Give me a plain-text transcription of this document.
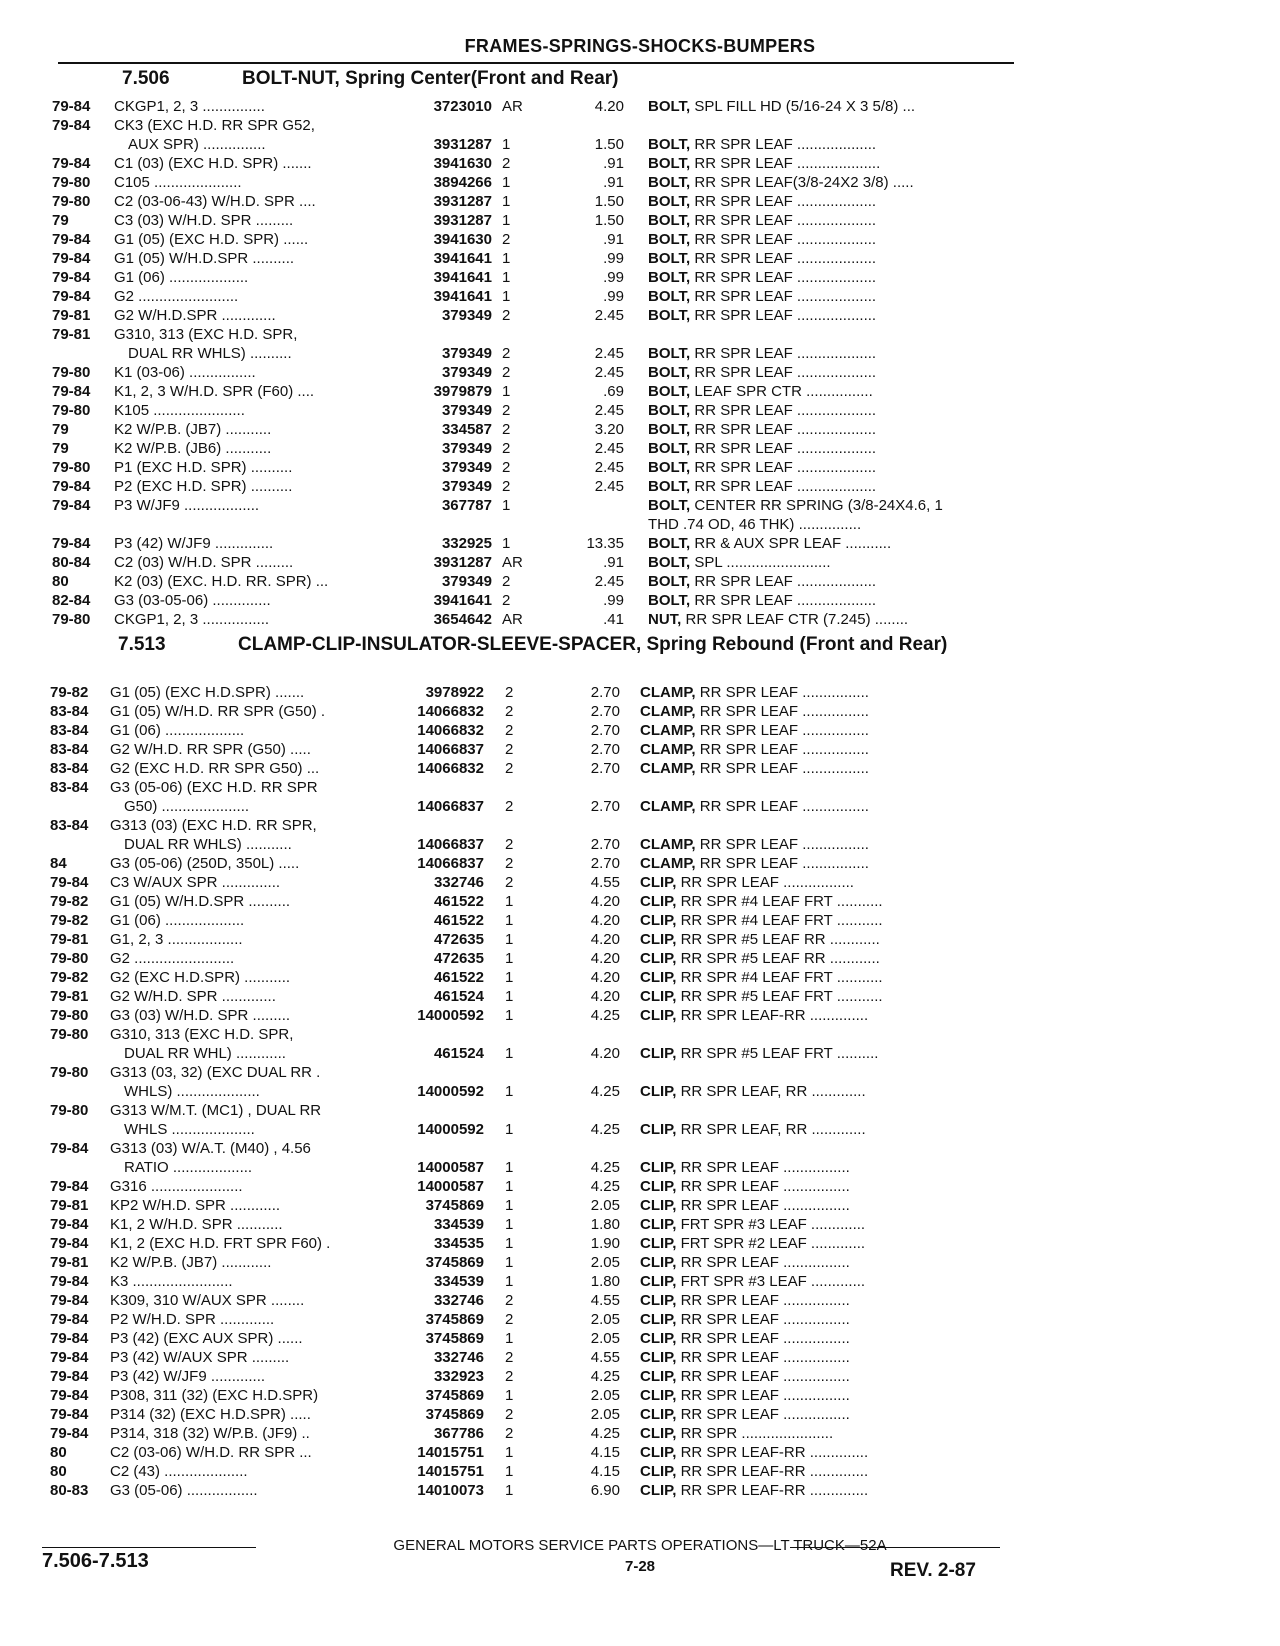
FRAMES-SPRINGS-SHOCKS-BUMPERS
7.506	BOLT-NUT, Spring Center(Front and Rear)
79-84	CKGP1, 2, 3 ...............	3723010 AR	4.20 BOLT, SPL FILL HD (5/16-24 X 3 5/8) ...
79-84	CK3 (EXC H.D. RR SPR G52,
AUX SPR) ...............	3931287 1	1.50 BOLT, RR SPR LEAF ...................
79-84	C1 (03) (EXC H.D. SPR) .......	3941630 2	.91 BOLT, RR SPR LEAF ....................
79-80	C105 .....................	3894266 1	.91 BOLT, RR SPR LEAF(3/8-24X2 3/8) .....
79-80	C2 (03-06-43) W/H.D. SPR ....	3931287 1	1.50 BOLT, RR SPR LEAF ...................
79	C3 (03) W/H.D. SPR .........	3931287 1	1.50 BOLT, RR SPR LEAF ...................
79-84	G1 (05) (EXC H.D. SPR) ......	3941630 2	.91 BOLT, RR SPR LEAF ...................
79-84	G1 (05) W/H.D.SPR ..........	3941641 1	.99 BOLT, RR SPR LEAF ...................
79-84	G1 (06) ...................	3941641 1	.99 BOLT, RR SPR LEAF ...................
79-84	G2 ........................	3941641 1	.99 BOLT, RR SPR LEAF ...................
79-81	G2 W/H.D.SPR .............	379349 2	2.45 BOLT, RR SPR LEAF ...................
79-81	G310, 313 (EXC H.D. SPR,
DUAL RR WHLS) ..........	379349 2	2.45 BOLT, RR SPR LEAF ...................
79-80	K1 (03-06) ................	379349 2	2.45 BOLT, RR SPR LEAF ...................
79-84	K1, 2, 3 W/H.D. SPR (F60) ....	3979879 1	.69 BOLT, LEAF SPR CTR ................
79-80	K105 ......................	379349 2	2.45 BOLT, RR SPR LEAF ...................
79	K2 W/P.B. (JB7) ...........	334587 2	3.20 BOLT, RR SPR LEAF ...................
79	K2 W/P.B. (JB6) ...........	379349 2	2.45 BOLT, RR SPR LEAF ...................
79-80	P1 (EXC H.D. SPR) ..........	379349 2	2.45 BOLT, RR SPR LEAF ...................
79-84	P2 (EXC H.D. SPR) ..........	379349 2	2.45 BOLT, RR SPR LEAF ...................
79-84	P3 W/JF9 ..................	367787 1	BOLT, CENTER RR SPRING (3/8-24X4.6, 1
THD .74 OD, 46 THK) ...............
79-84	P3 (42) W/JF9 ..............	332925 1	13.35 BOLT, RR & AUX SPR LEAF ...........
80-84	C2 (03) W/H.D. SPR .........	3931287 AR	.91 BOLT, SPL .........................
80	K2 (03) (EXC. H.D. RR. SPR) ...	379349 2	2.45 BOLT, RR SPR LEAF ...................
82-84	G3 (03-05-06) ..............	3941641 2	.99 BOLT, RR SPR LEAF ...................
79-80	CKGP1, 2, 3 ................	3654642 AR	.41 NUT, RR SPR LEAF CTR (7.245) ........
7.513	CLAMP-CLIP-INSULATOR-SLEEVE-SPACER, Spring Rebound (Front and Rear)
79-82	G1 (05) (EXC H.D.SPR) .......	3978922 2	2.70 CLAMP, RR SPR LEAF ................
83-84	G1 (05) W/H.D. RR SPR (G50) .	14066832 2	2.70 CLAMP, RR SPR LEAF ................
83-84	G1 (06) ...................	14066832 2	2.70 CLAMP, RR SPR LEAF ................
83-84	G2 W/H.D. RR SPR (G50) .....	14066837 2	2.70 CLAMP, RR SPR LEAF ................
83-84	G2 (EXC H.D. RR SPR G50) ...	14066832 2	2.70 CLAMP, RR SPR LEAF ................
83-84	G3 (05-06) (EXC H.D. RR SPR
G50) .....................	14066837 2	2.70 CLAMP, RR SPR LEAF ................
83-84	G313 (03) (EXC H.D. RR SPR,
DUAL RR WHLS) ...........	14066837 2	2.70 CLAMP, RR SPR LEAF ................
84	G3 (05-06) (250D, 350L) .....	14066837 2	2.70 CLAMP, RR SPR LEAF ................
79-84	C3 W/AUX SPR ..............	332746 2	4.55 CLIP, RR SPR LEAF .................
79-82	G1 (05) W/H.D.SPR ..........	461522 1	4.20 CLIP, RR SPR #4 LEAF FRT ...........
79-82	G1 (06) ...................	461522 1	4.20 CLIP, RR SPR #4 LEAF FRT ...........
79-81	G1, 2, 3 ..................	472635 1	4.20 CLIP, RR SPR #5 LEAF RR ............
79-80	G2 ........................	472635 1	4.20 CLIP, RR SPR #5 LEAF RR ............
79-82	G2 (EXC H.D.SPR) ...........	461522 1	4.20 CLIP, RR SPR #4 LEAF FRT ...........
79-81	G2 W/H.D. SPR .............	461524 1	4.20 CLIP, RR SPR #5 LEAF FRT ...........
79-80	G3 (03) W/H.D. SPR .........	14000592 1	4.25 CLIP, RR SPR LEAF-RR ..............
79-80	G310, 313 (EXC H.D. SPR,
DUAL RR WHL) ............	461524 1	4.20 CLIP, RR SPR #5 LEAF FRT ..........
79-80	G313 (03, 32) (EXC DUAL RR .
WHLS) ....................	14000592 1	4.25 CLIP, RR SPR LEAF, RR .............
79-80	G313 W/M.T. (MC1) , DUAL RR
WHLS ....................	14000592 1	4.25 CLIP, RR SPR LEAF, RR .............
79-84	G313 (03) W/A.T. (M40) , 4.56
RATIO ...................	14000587 1	4.25 CLIP, RR SPR LEAF ................
79-84	G316 ......................	14000587 1	4.25 CLIP, RR SPR LEAF ................
79-81	KP2 W/H.D. SPR ............	3745869 1	2.05 CLIP, RR SPR LEAF ................
79-84	K1, 2 W/H.D. SPR ...........	334539 1	1.80 CLIP, FRT SPR #3 LEAF .............
79-84	K1, 2 (EXC H.D. FRT SPR F60) .	334535 1	1.90 CLIP, FRT SPR #2 LEAF .............
79-81	K2 W/P.B. (JB7) ............	3745869 1	2.05 CLIP, RR SPR LEAF ................
79-84	K3 ........................	334539 1	1.80 CLIP, FRT SPR #3 LEAF .............
79-84	K309, 310 W/AUX SPR ........	332746 2	4.55 CLIP, RR SPR LEAF ................
79-84	P2 W/H.D. SPR .............	3745869 2	2.05 CLIP, RR SPR LEAF ................
79-84	P3 (42) (EXC AUX SPR) ......	3745869 1	2.05 CLIP, RR SPR LEAF ................
79-84	P3 (42) W/AUX SPR .........	332746 2	4.55 CLIP, RR SPR LEAF ................
79-84	P3 (42) W/JF9 .............	332923 2	4.25 CLIP, RR SPR LEAF ................
79-84	P308, 311 (32) (EXC H.D.SPR)	3745869 1	2.05 CLIP, RR SPR LEAF ................
79-84	P314 (32) (EXC H.D.SPR) .....	3745869 2	2.05 CLIP, RR SPR LEAF ................
79-84	P314, 318 (32) W/P.B. (JF9) ..	367786 2	4.25 CLIP, RR SPR ......................
80	C2 (03-06) W/H.D. RR SPR ...	14015751 1	4.15 CLIP, RR SPR LEAF-RR ..............
80	C2 (43) ....................	14015751 1	4.15 CLIP, RR SPR LEAF-RR ..............
80-83	G3 (05-06) .................	14010073 1	6.90 CLIP, RR SPR LEAF-RR ..............
GENERAL MOTORS SERVICE PARTS OPERATIONS—LT TRUCK—52A
7-28
7.506-7.513	REV. 2-87
